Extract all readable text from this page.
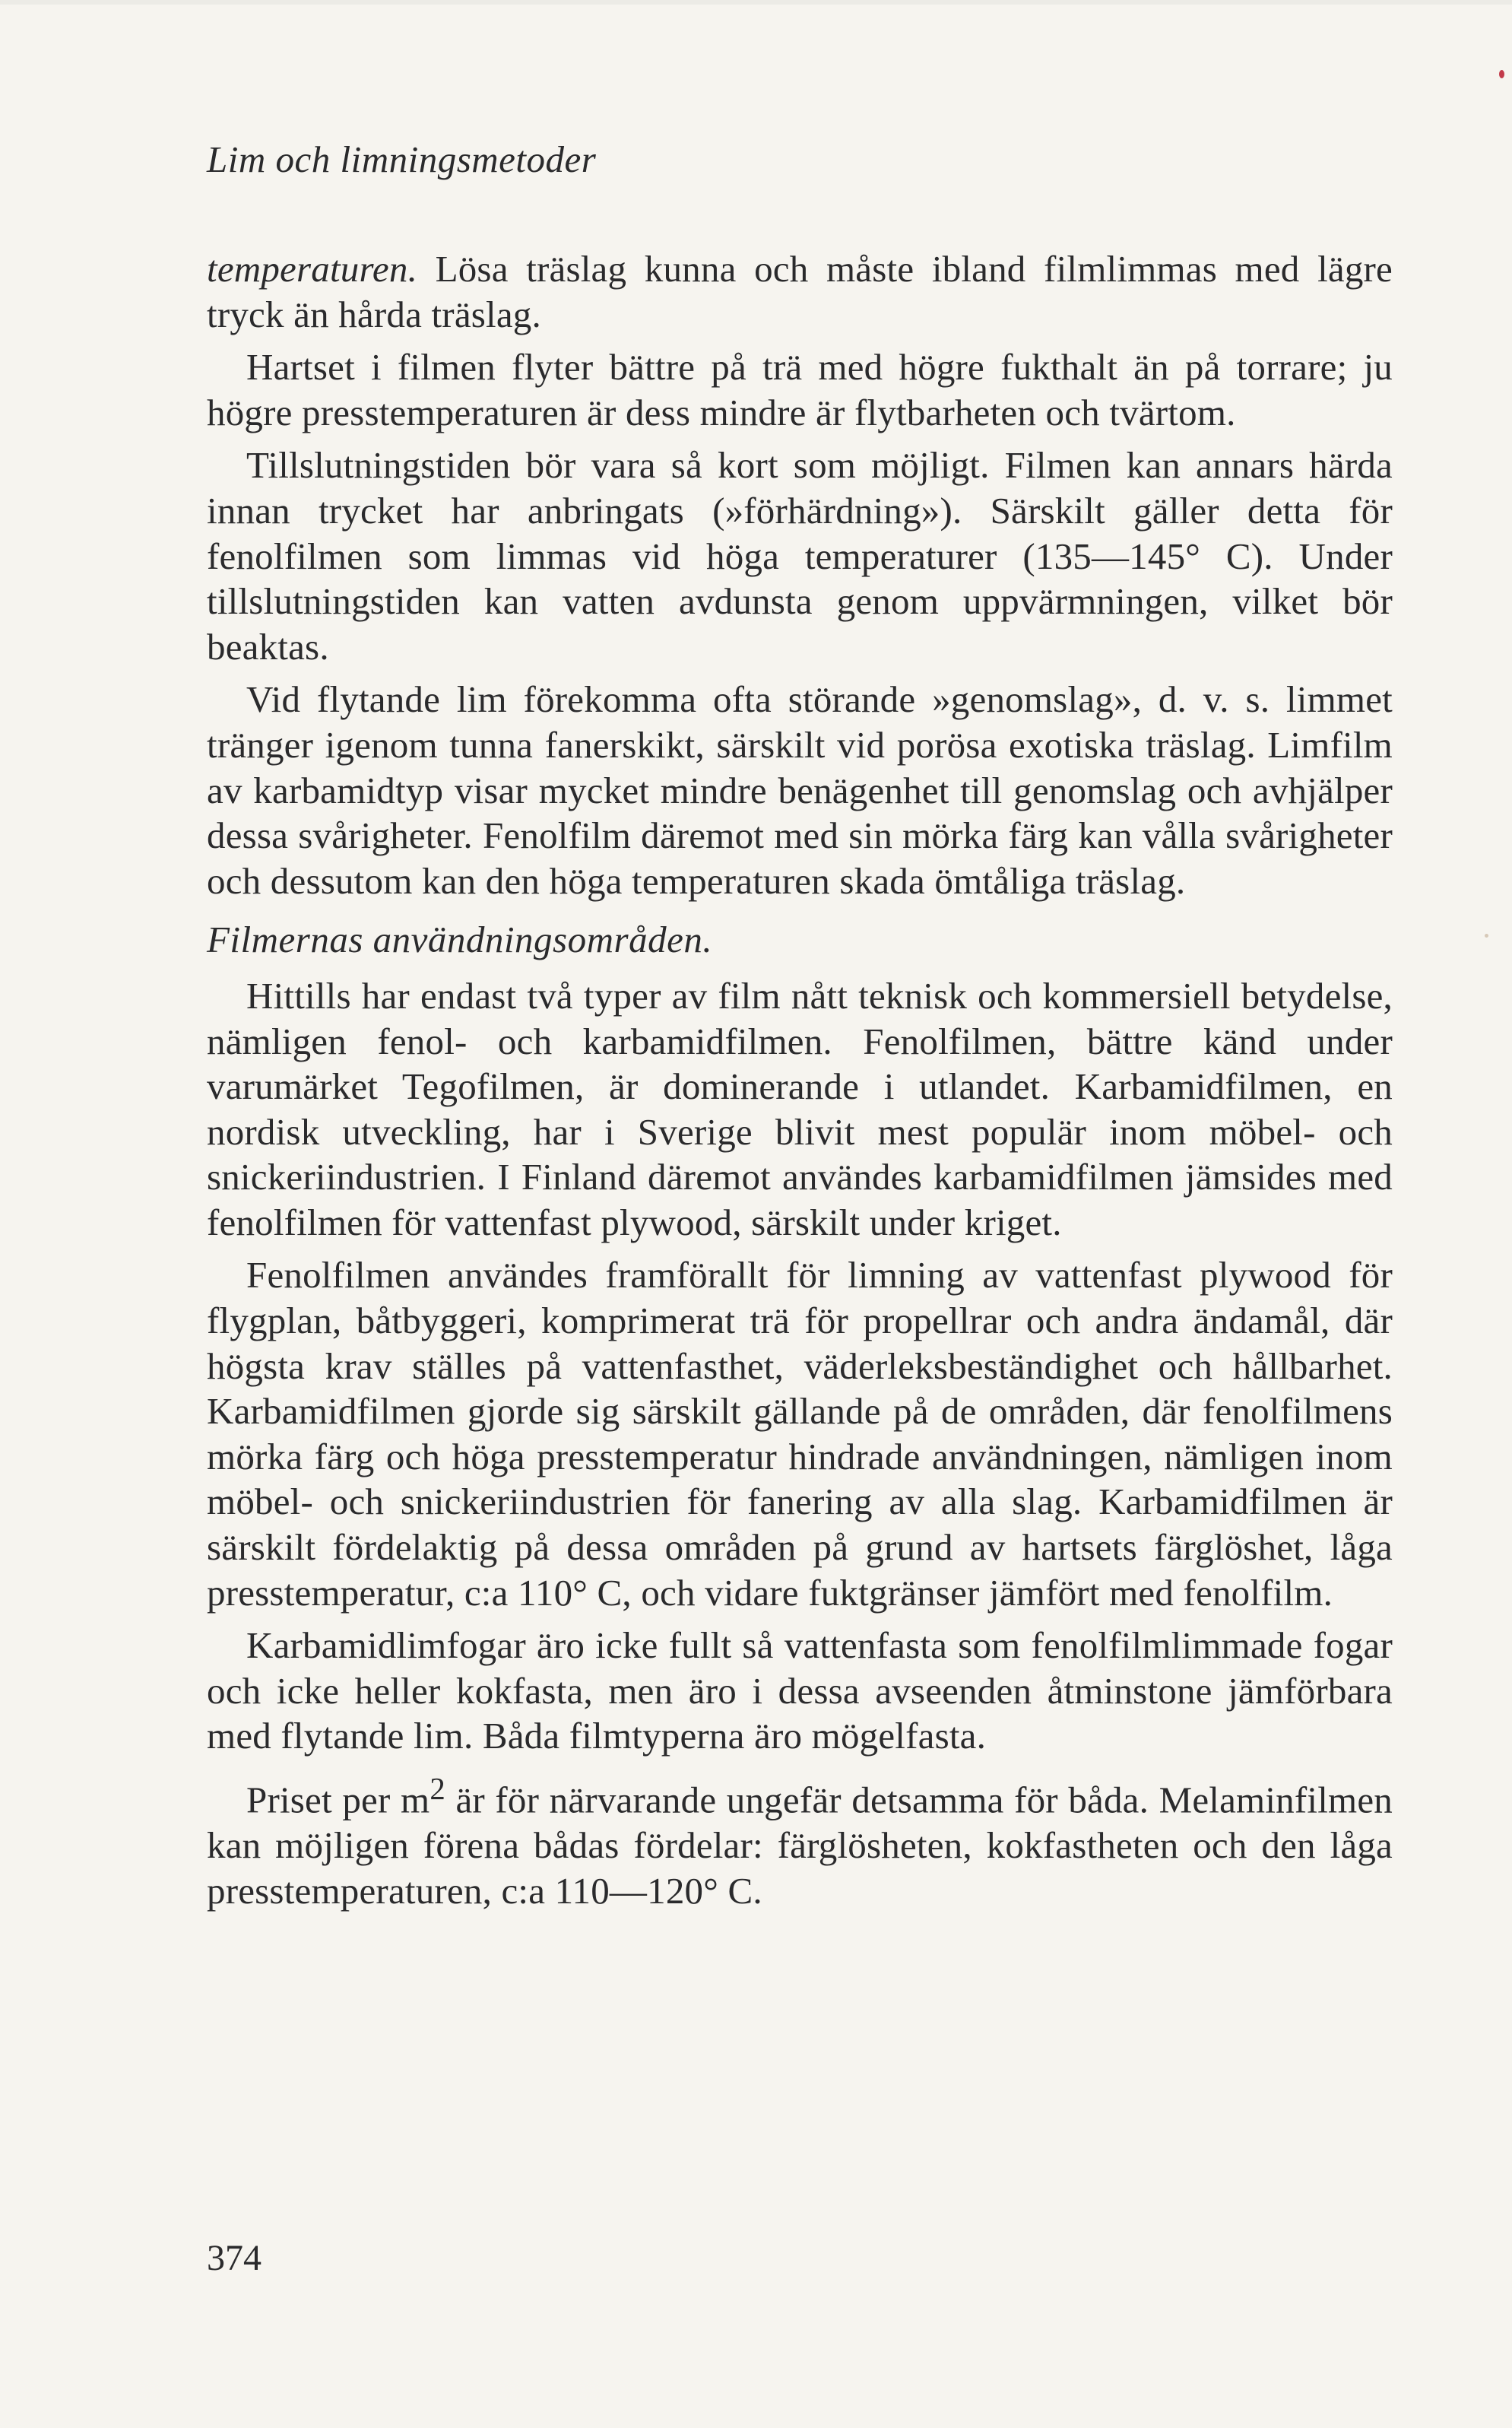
Lim och limningsmetoder

temperaturen. Lösa träslag kunna och måste ibland filmlimmas med lägre tryck än hårda träslag.

Hartset i filmen flyter bättre på trä med högre fukthalt än på torrare; ju högre presstemperaturen är dess mindre är flytbarheten och tvärtom.

Tillslutningstiden bör vara så kort som möjligt. Filmen kan annars härda innan trycket har anbringats (»förhärdning»). Särskilt gäller detta för fenolfilmen som limmas vid höga temperaturer (135—145° C). Under tillslutningstiden kan vatten avdunsta genom uppvärmningen, vilket bör beaktas.

Vid flytande lim förekomma ofta störande »genomslag», d. v. s. limmet tränger igenom tunna fanerskikt, särskilt vid porösa exotiska träslag. Limfilm av karbamidtyp visar mycket mindre benägenhet till genomslag och avhjälper dessa svårigheter. Fenolfilm däremot med sin mörka färg kan vålla svårigheter och dessutom kan den höga temperaturen skada ömtåliga träslag.

Filmernas användningsområden.

Hittills har endast två typer av film nått teknisk och kommersiell betydelse, nämligen fenol- och karbamidfilmen. Fenolfilmen, bättre känd under varumärket Tegofilmen, är dominerande i utlandet. Karbamidfilmen, en nordisk utveckling, har i Sverige blivit mest populär inom möbel- och snickeriindustrien. I Finland däremot användes karbamidfilmen jämsides med fenolfilmen för vattenfast plywood, särskilt under kriget.

Fenolfilmen användes framförallt för limning av vattenfast plywood för flygplan, båtbyggeri, komprimerat trä för propellrar och andra ändamål, där högsta krav ställes på vattenfasthet, väderleksbeständighet och hållbarhet. Karbamidfilmen gjorde sig särskilt gällande på de områden, där fenolfilmens mörka färg och höga presstemperatur hindrade användningen, nämligen inom möbel- och snickeriindustrien för fanering av alla slag. Karbamidfilmen är särskilt fördelaktig på dessa områden på grund av hartsets färglöshet, låga presstemperatur, c:a 110° C, och vidare fuktgränser jämfört med fenolfilm.

Karbamidlimfogar äro icke fullt så vattenfasta som fenolfilmlimmade fogar och icke heller kokfasta, men äro i dessa avseenden åtminstone jämförbara med flytande lim. Båda filmtyperna äro mögelfasta.

Priset per $m^2$ är för närvarande ungefär detsamma för båda. Melaminfilmen kan möjligen förena bådas fördelar: färglösheten, kokfastheten och den låga presstemperaturen, c:a 110—120° C.

374
